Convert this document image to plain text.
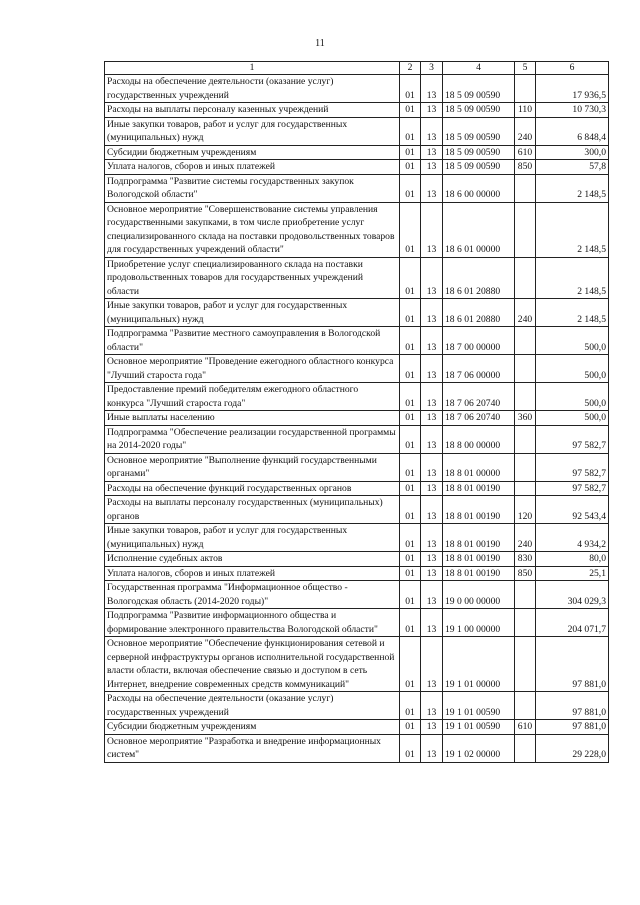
11
1	2	3	4	5	6
Расходы на обеспечение деятельности (оказание услуг) государственных учреждений	01	13	18 5 09 00590		17 936,5
Расходы на выплаты персоналу казенных учреждений	01	13	18 5 09 00590	110	10 730,3
Иные закупки товаров, работ и услуг для государственных (муниципальных) нужд	01	13	18 5 09 00590	240	6 848,4
Субсидии бюджетным учреждениям	01	13	18 5 09 00590	610	300,0
Уплата налогов, сборов и иных платежей	01	13	18 5 09 00590	850	57,8
Подпрограмма "Развитие системы государственных закупок Вологодской области"	01	13	18 6 00 00000		2 148,5
Основное мероприятие "Совершенствование системы управления государственными закупками, в том числе приобретение услуг специализированного склада на поставки продовольственных товаров для государственных учреждений области"	01	13	18 6 01 00000		2 148,5
Приобретение услуг специализированного склада на поставки продовольственных товаров для государственных учреждений области	01	13	18 6 01 20880		2 148,5
Иные закупки товаров, работ и услуг для государственных (муниципальных) нужд	01	13	18 6 01 20880	240	2 148,5
Подпрограмма "Развитие местного самоуправления в Вологодской области"	01	13	18 7 00 00000		500,0
Основное мероприятие "Проведение ежегодного областного конкурса "Лучший староста года"	01	13	18 7 06 00000		500,0
Предоставление премий победителям ежегодного областного конкурса "Лучший староста года"	01	13	18 7 06 20740		500,0
Иные выплаты населению	01	13	18 7 06 20740	360	500,0
Подпрограмма "Обеспечение реализации государственной программы на 2014-2020 годы"	01	13	18 8 00 00000		97 582,7
Основное мероприятие "Выполнение функций государственными органами"	01	13	18 8 01 00000		97 582,7
Расходы на обеспечение функций государственных органов	01	13	18 8 01 00190		97 582,7
Расходы на выплаты персоналу государственных (муниципальных) органов	01	13	18 8 01 00190	120	92 543,4
Иные закупки товаров, работ и услуг для государственных (муниципальных) нужд	01	13	18 8 01 00190	240	4 934,2
Исполнение судебных актов	01	13	18 8 01 00190	830	80,0
Уплата налогов, сборов и иных платежей	01	13	18 8 01 00190	850	25,1
Государственная программа "Информационное общество - Вологодская область (2014-2020 годы)"	01	13	19 0 00 00000		304 029,3
Подпрограмма "Развитие информационного общества и формирование электронного правительства Вологодской области"	01	13	19 1 00 00000		204 071,7
Основное мероприятие "Обеспечение функционирования сетевой и серверной инфраструктуры органов исполнительной государственной власти области, включая обеспечение связью и доступом в сеть Интернет, внедрение современных средств коммуникаций"	01	13	19 1 01 00000		97 881,0
Расходы на обеспечение деятельности (оказание услуг) государственных учреждений	01	13	19 1 01 00590		97 881,0
Субсидии бюджетным учреждениям	01	13	19 1 01 00590	610	97 881,0
Основное мероприятие "Разработка и внедрение информационных систем"	01	13	19 1 02 00000		29 228,0
